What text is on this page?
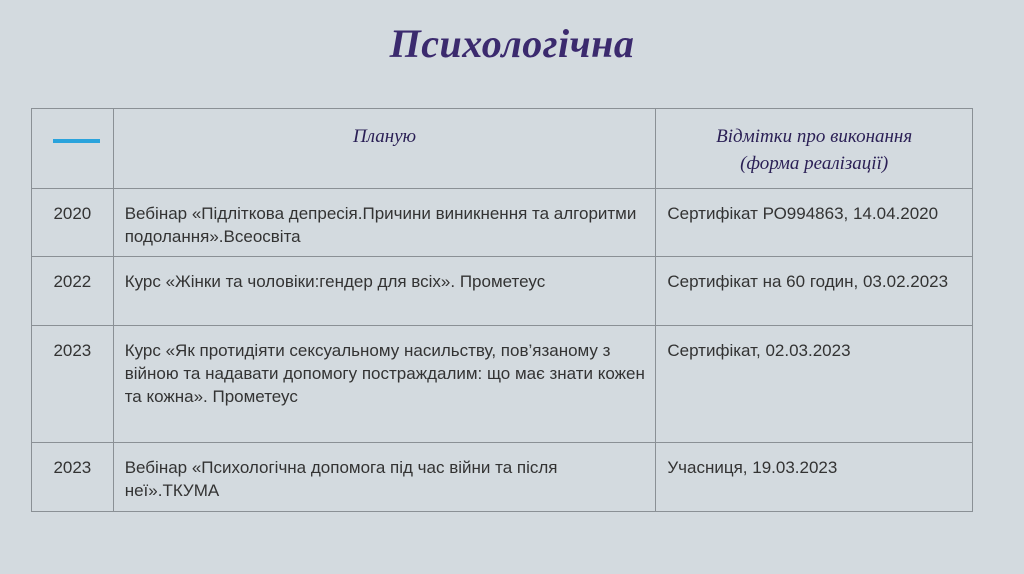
Психологічна

	Планую	Відмітки про виконання
(форма реалізації)

2020	Вебінар «Підліткова депресія.Причини виникнення та алгоритми подолання».Всеосвіта	Сертифікат РО994863, 14.04.2020

2022	Курс «Жінки та чоловіки:гендер для всіх». Прометеус	Сертифікат на 60 годин, 03.02.2023

2023	Курс «Як протидіяти сексуальному насильству, пов’язаному з війною та надавати допомогу постраждалим: що має знати кожен та кожна». Прометеус	Сертифікат, 02.03.2023

2023	Вебінар «Психологічна допомога під час війни та після неї».ТКУМА	Учасниця, 19.03.2023
